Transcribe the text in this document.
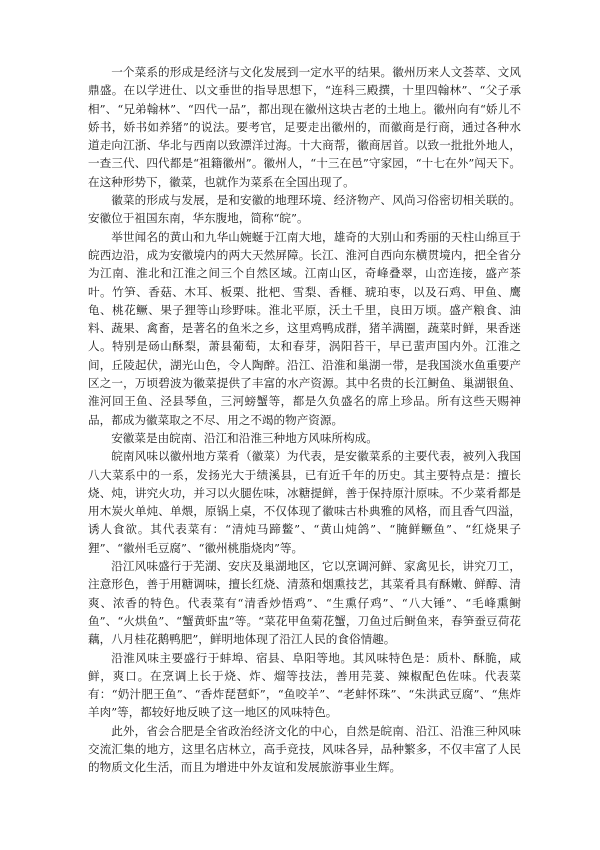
一个菜系的形成是经济与文化发展到一定水平的结果。徽州历来人文荟萃、文风鼎盛。在以学进仕、以文垂世的指导思想下，“连科三殿撰，十里四翰林”、“父子承相”、“兄弟翰林”、“四代一品”，都出现在徽州这块古老的土地上。徽州向有“娇儿不娇书，娇书如养猪”的说法。要考官，足要走出徽州的，而徽商是行商，通过各种水道走向江浙、华北与西南以致漂洋过海。十大商帮，徽商居首。以致一批批外地人，一查三代、四代都是“祖籍徽州”。徽州人，“十三在邑”守家园，“十七在外”闯天下。在这种形势下，徽菜，也就作为菜系在全国出现了。

徽菜的形成与发展，是和安徽的地理环境、经济物产、风尚习俗密切相关联的。安徽位于祖国东南，华东腹地，简称“皖”。

举世闻名的黄山和九华山婉蜒于江南大地，雄奇的大别山和秀丽的天柱山绵亘于皖西边沿，成为安徽境内的两大天然屏障。长江、淮河自西向东横贯境内，把全省分为江南、淮北和江淮之间三个自然区域。江南山区，奇峰叠翠，山峦连接，盛产茶叶。竹笋、香菇、木耳、板栗、批杷、雪梨、香榧、琥珀枣，以及石鸡、甲鱼、鹰龟、桃花鳜、果子狸等山珍野味。淮北平原，沃土千里，良田万顷。盛产粮食、油料、蔬果、禽畜，是著名的鱼米之乡，这里鸡鸭成群，猪羊满圈，蔬菜时鲜，果香迷人。特别是砀山酥梨，萧县葡萄，太和春芽，涡阳苔干，早已蜚声国内外。江淮之间，丘陵起伏，湖光山色，令人陶醉。沿江、沿淮和巢湖一带，是我国淡水鱼重要产区之一，万顷碧波为徽菜提供了丰富的水产资源。其中名贵的长江鲥鱼、巢湖银鱼、淮河回王鱼、泾县琴鱼，三河螃蟹等，都是久负盛名的席上珍品。所有这些天赐神品，都成为徽菜取之不尽、用之不竭的物产资源。

安徽菜是由皖南、沿江和沿淮三种地方风味所构成。

皖南风味以徽州地方菜肴（徽菜）为代表，是安徽菜系的主要代表，被列入我国八大菜系中的一系，发扬光大于绩溪县，已有近千年的历史。其主要特点是：擅长烧、炖，讲究火功，并习以火腿佐味，冰糖提鲜，善于保持原汁原味。不少菜肴都是用木炭火单炖、单煨，原锅上桌，不仅体现了徽味古朴典雅的风格，而且香气四溢，诱人食欲。其代表菜有：“清炖马蹄鳖”、“黄山炖鸽”、“腌鲜鳜鱼”、“红烧果子狸”、“徽州毛豆腐”、“徽州桃脂烧肉”等。

沿江风味盛行于芜湖、安庆及巢湖地区，它以烹调河鲜、家禽见长，讲究刀工，注意形色，善于用糖调味，擅长红烧、清蒸和烟熏技艺，其菜肴具有酥嫩、鲜醇、清爽、浓香的特色。代表菜有“清香炒悟鸡”、“生熏仔鸡”、“八大锤”、“毛峰熏鲥鱼”、“火烘鱼”、“蟹黄虾盅”等。“菜花甲鱼菊花蟹，刀鱼过后鲥鱼来，春笋蚕豆荷花藕，八月桂花鹅鸭肥”，鲜明地体现了沿江人民的食俗情趣。

沿淮风味主要盛行于蚌埠、宿县、阜阳等地。其风味特色是：质朴、酥脆，咸鲜，爽口。在烹调上长于烧、炸、熘等技法，善用芫荽、辣椒配色佐味。代表菜有：“奶汁肥王鱼”、“香炸琵琶虾”，“鱼咬羊”、“老蚌怀珠”、“朱洪武豆腐”、“焦炸羊肉”等，都较好地反映了这一地区的风味特色。

此外，省会合肥是全省政治经济文化的中心，自然是皖南、沿江、沿淮三种风味交流汇集的地方，这里名店林立，高手竞技，风味各异，品种繁多，不仅丰富了人民的物质文化生活，而且为增进中外友谊和发展旅游事业生辉。
